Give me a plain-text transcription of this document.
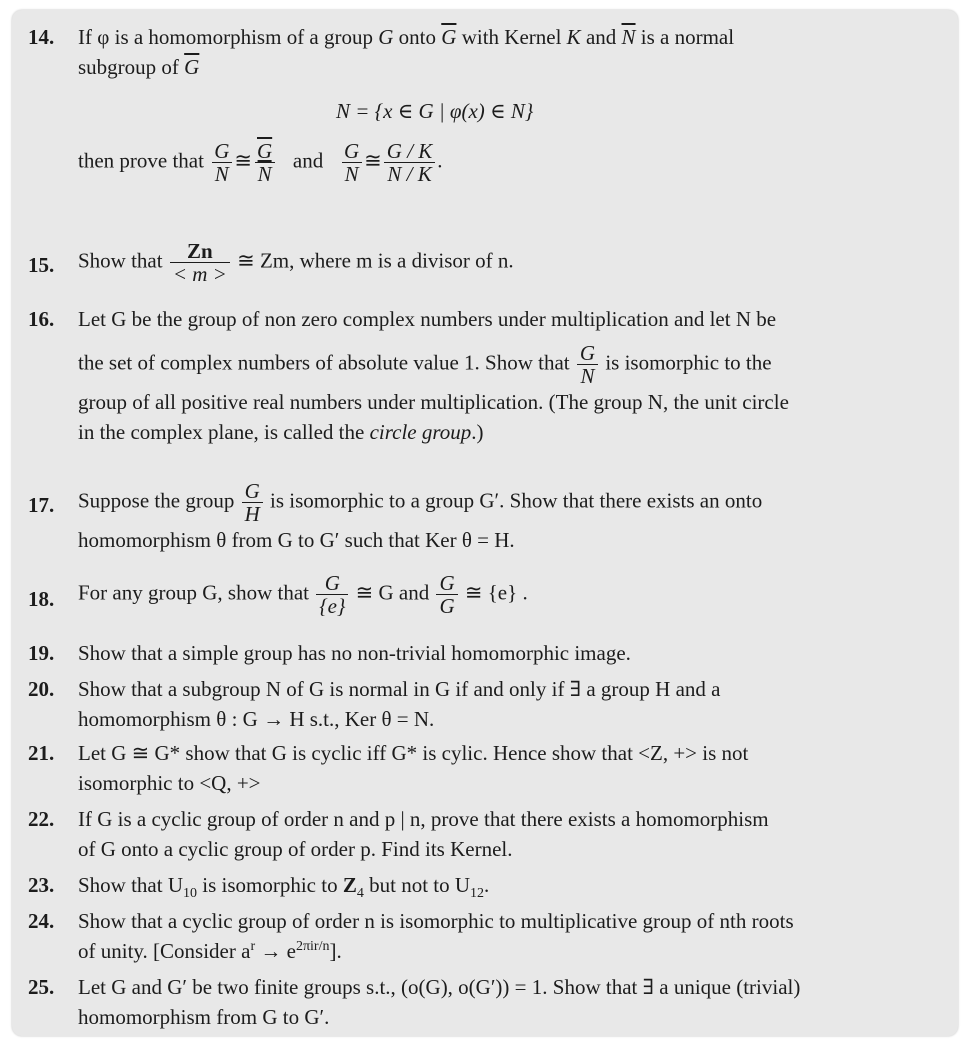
14. If φ is a homomorphism of a group G onto $\overline{G}$ with Kernel K and $\overline{N}$ is a normal
subgroup of $\overline{G}$
N = {x ∈ G | φ(x) ∈ N}
then prove that $\frac{G}{N}$ ≅ $\frac{\overline{G}}{N}$ and $\frac{G}{N}$ ≅ $\frac{G / K}{N / K}$ .
15. Show that $\frac{Zn}{< m >}$ ≅ Zm, where m is a divisor of n.
16. Let G be the group of non zero complex numbers under multiplication and let N be
the set of complex numbers of absolute value 1. Show that $\frac{G}{N}$ is isomorphic to the
group of all positive real numbers under multiplication. (The group N, the unit circle
in the complex plane, is called the circle group.)
17. Suppose the group $\frac{G}{H}$ is isomorphic to a group G′. Show that there exists an onto
homomorphism θ from G to G′ such that Ker θ = H.
18. For any group G, show that $\frac{G}{\{e\}}$ ≅ G and $\frac{G}{G}$ ≅ {e} .
19. Show that a simple group has no non-trivial homomorphic image.
20. Show that a subgroup N of G is normal in G if and only if ∃ a group H and a
homomorphism θ : G → H s.t., Ker θ = N.
21. Let G ≅ G* show that G is cyclic iff G* is cylic. Hence show that <Z, +> is not
isomorphic to <Q, +>
22. If G is a cyclic group of order n and p | n, prove that there exists a homomorphism
of G onto a cyclic group of order p. Find its Kernel.
23. Show that $U_{10}$ is isomorphic to $Z_4$ but not to $U_{12}$.
24. Show that a cyclic group of order n is isomorphic to multiplicative group of nth roots
of unity. [Consider $a^r \to e^{2\pi ir/n}$].
25. Let G and G′ be two finite groups s.t., (o(G), o(G′)) = 1. Show that ∃ a unique (trivial)
homomorphism from G to G′.
